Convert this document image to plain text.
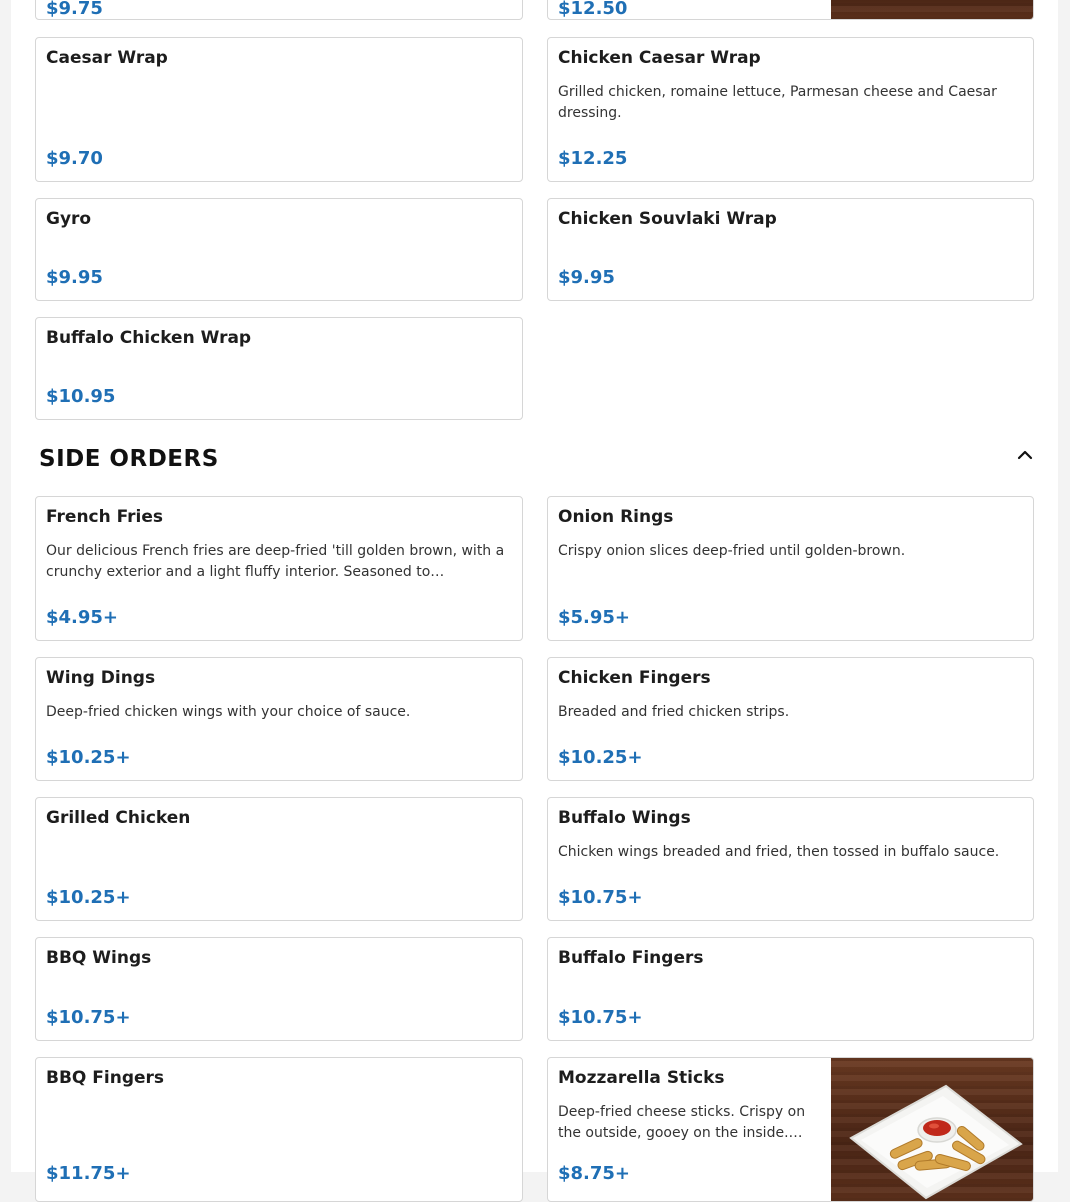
$9.75	$12.50
Caesar Wrap
$9.70
Chicken Caesar Wrap
Grilled chicken, romaine lettuce, Parmesan cheese and Caesar dressing.
$12.25
Gyro
$9.95
Chicken Souvlaki Wrap
$9.95
Buffalo Chicken Wrap
$10.95
SIDE ORDERS
French Fries
Our delicious French fries are deep-fried 'till golden brown, with a crunchy exterior and a light fluffy interior. Seasoned to…
$4.95+
Onion Rings
Crispy onion slices deep-fried until golden-brown.
$5.95+
Wing Dings
Deep-fried chicken wings with your choice of sauce.
$10.25+
Chicken Fingers
Breaded and fried chicken strips.
$10.25+
Grilled Chicken
$10.25+
Buffalo Wings
Chicken wings breaded and fried, then tossed in buffalo sauce.
$10.75+
BBQ Wings
$10.75+
Buffalo Fingers
$10.75+
BBQ Fingers
$11.75+
Mozzarella Sticks
Deep-fried cheese sticks. Crispy on the outside, gooey on the inside.…
$8.75+
